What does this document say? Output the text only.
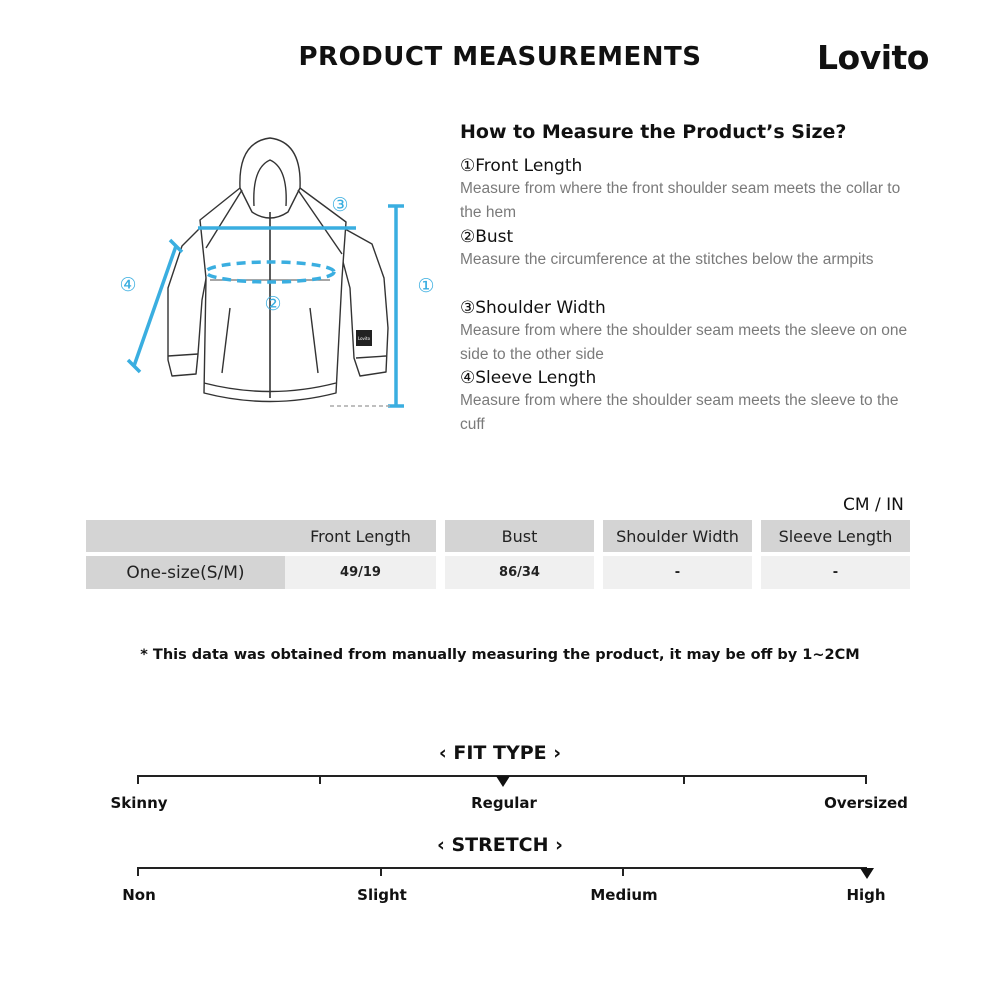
PRODUCT MEASUREMENTS	Lovito
Lovito
①
②
③
④
How to Measure the Product’s Size?
①Front Length
Measure from where the front shoulder seam meets the collar to the hem
②Bust
Measure the circumference at the stitches below the armpits
③Shoulder Width
Measure from where the shoulder seam meets the sleeve on one side to the other side
④Sleeve Length
Measure from where the shoulder seam meets the sleeve to the cuff
CM / IN
	Front Length		Bust		Shoulder Width		Sleeve Length

One-size(S/M)	49/19		86/34		-		-
* This data was obtained from manually measuring the product, it may be off by 1~2CM
‹ FIT TYPE ›
Skinny	Regular	Oversized
‹ STRETCH ›
Non	Slight	Medium	High
